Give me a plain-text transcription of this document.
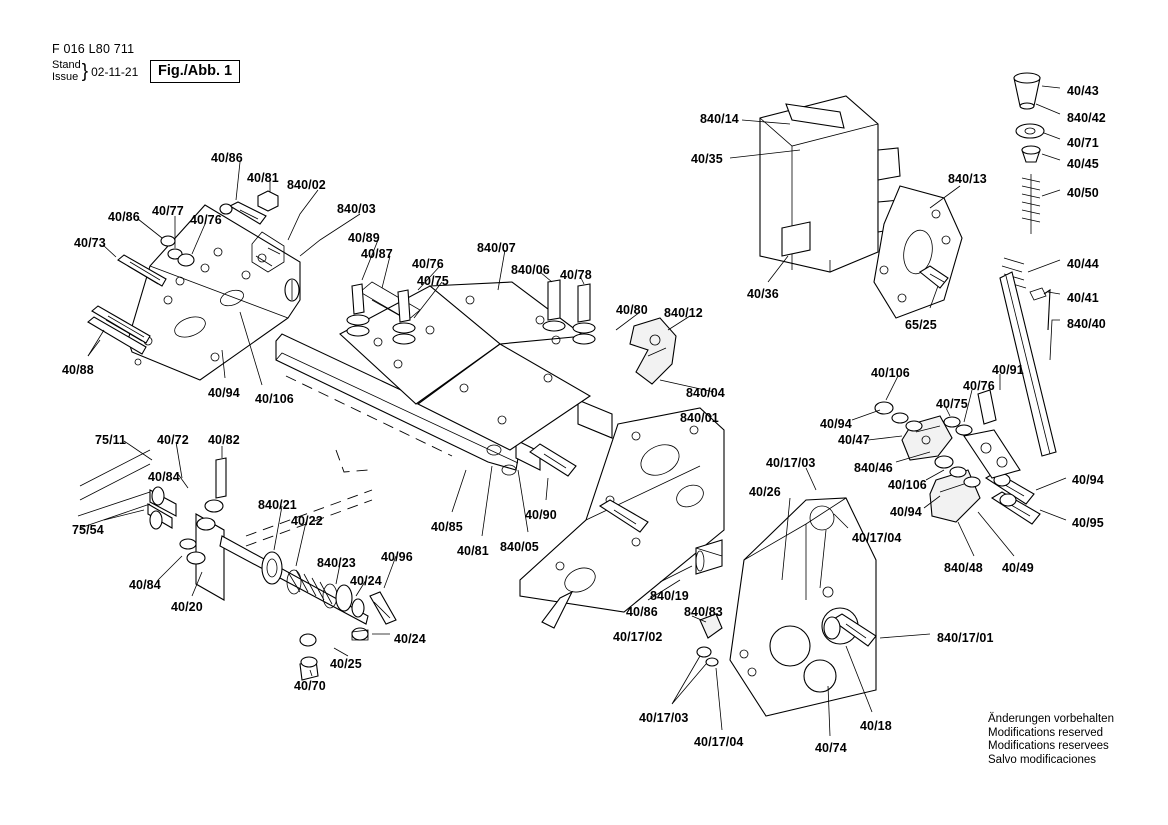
F 016 L80 711
Stand
Issue } 02-11-21	Fig./Abb. 1
Änderungen vorbehalten
Modifications reserved
Modifications reservees
Salvo modificaciones
40/86
840/02
40/81
840/03
40/86 40/77
40/76
40/73	40/89
40/87
40/76
40/75
840/07
840/06 40/78
40/80 840/12
40/88
40/94 40/106	840/04
840/01
75/11 40/72 40/82
40/84
75/54
840/21
40/22
840/23 40/96
40/24
40/84
40/20
40/24
40/25
40/70
40/85
40/81 840/05
40/90
840/19
40/86 840/83
40/17/02
40/17/03
40/17/04	40/74
40/18
840/17/01
40/26
40/17/03
40/17/04
840/14
40/35
40/36
840/13
65/25
40/43
840/42
40/71
40/45
40/50
40/44
40/41
840/40
40/106
40/94
40/47
40/75
40/76
40/91
840/46
40/106
40/94
40/94
40/95
840/48 40/49
